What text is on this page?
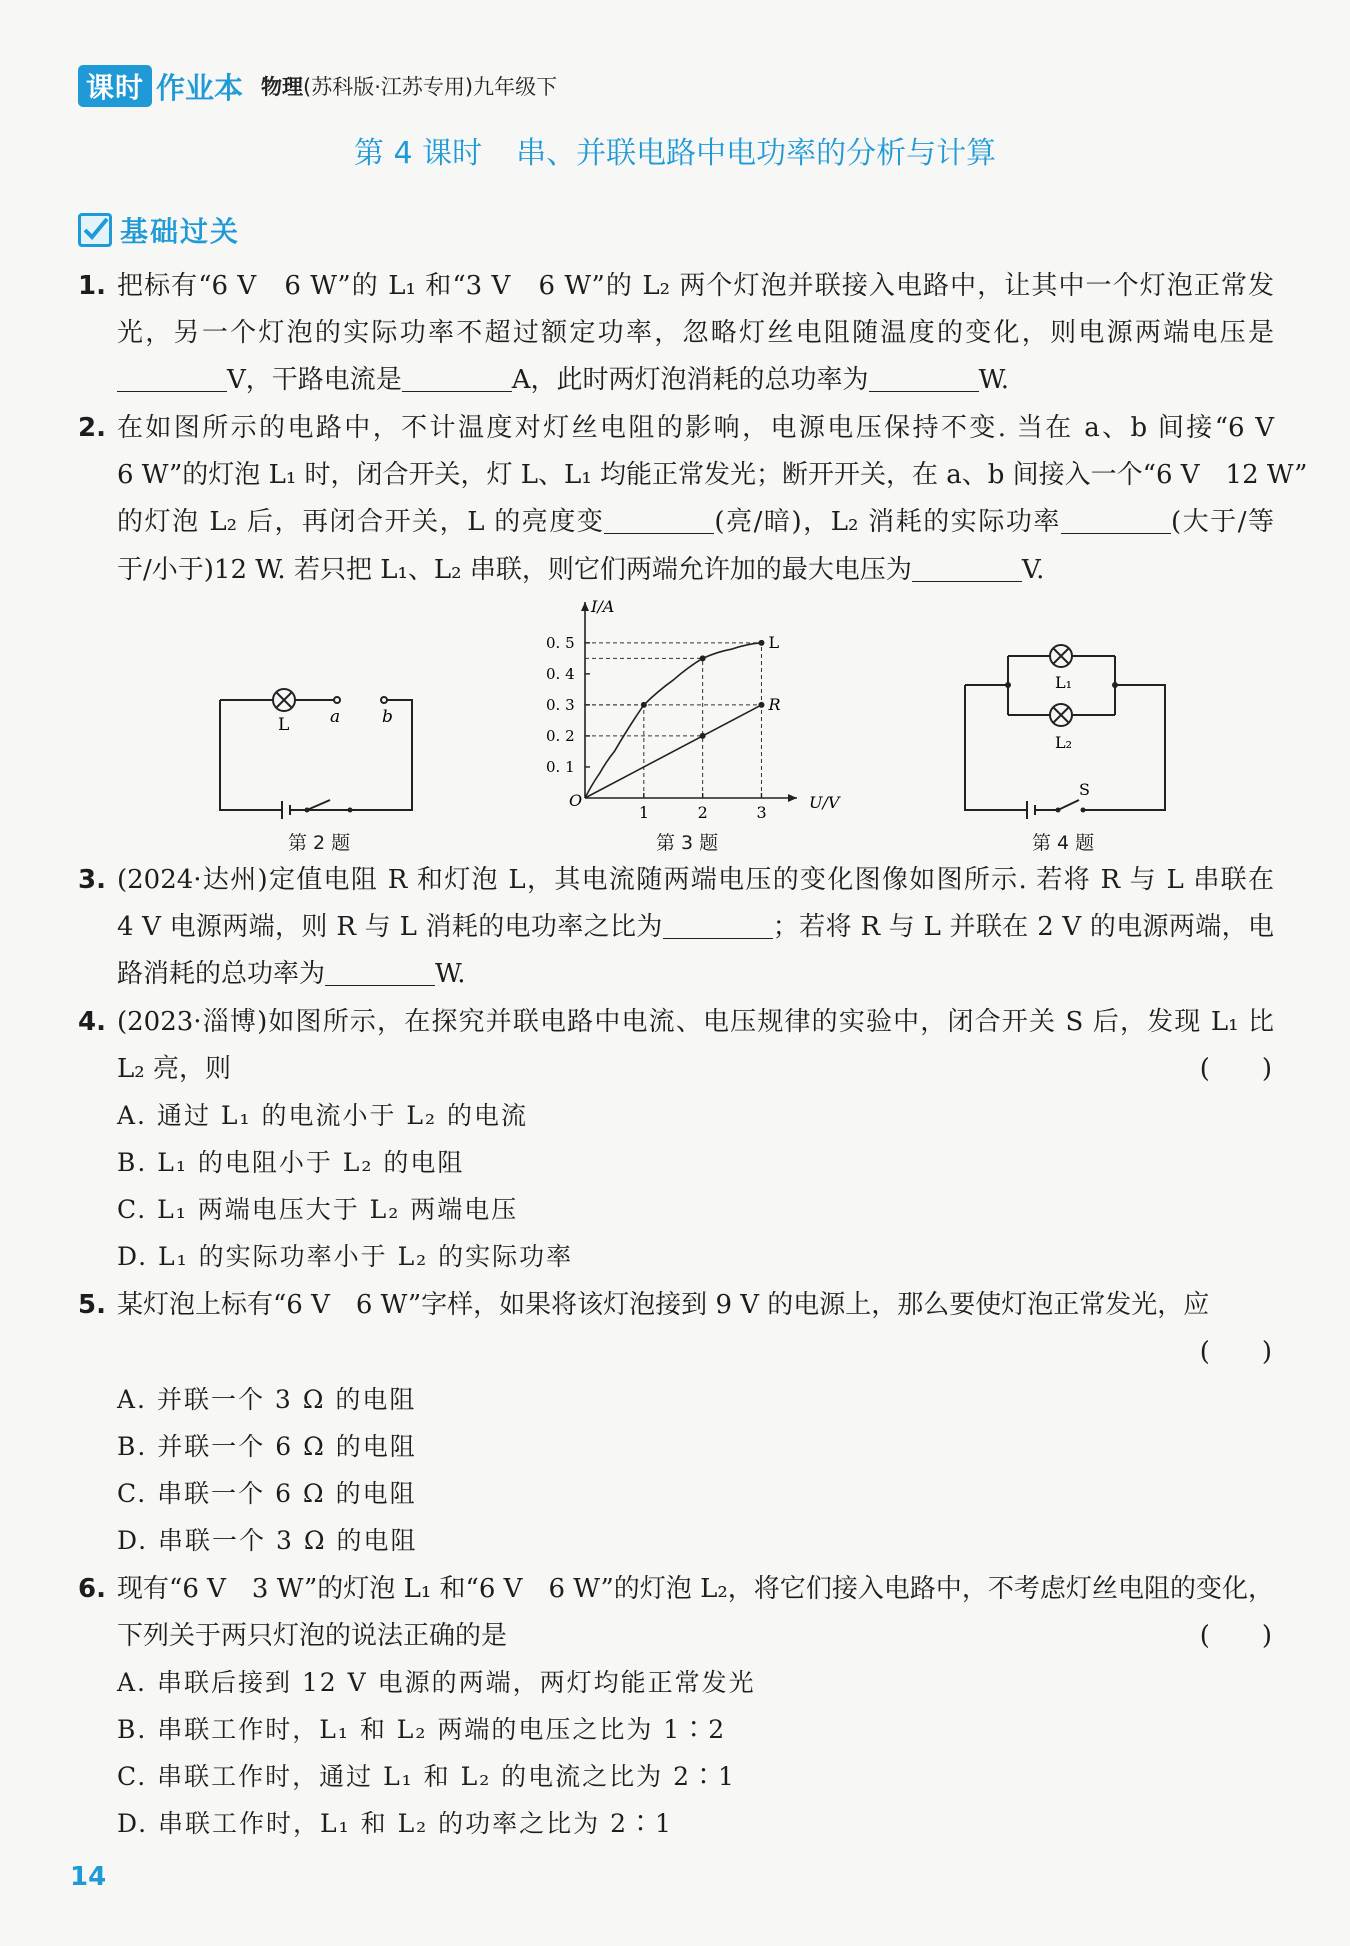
课时 作业本 物理(苏科版·江苏专用)九年级下
第 4 课时 串、并联电路中电功率的分析与计算
基础过关
1. 把标有“6 V　6 W”的 L₁ 和“3 V　6 W”的 L₂ 两个灯泡并联接入电路中，让其中一个灯泡正常发
光，另一个灯泡的实际功率不超过额定功率，忽略灯丝电阻随温度的变化，则电源两端电压是
V，干路电流是	A，此时两灯泡消耗的总功率为	W.
2. 在如图所示的电路中，不计温度对灯丝电阻的影响，电源电压保持不变. 当在 a、b 间接“6 V
6 W”的灯泡 L₁ 时，闭合开关，灯 L、L₁ 均能正常发光；断开开关，在 a、b 间接入一个“6 V　12 W”
的灯泡 L₂ 后，再闭合开关，L 的亮度变	(亮/暗)，L₂ 消耗的实际功率	(大于/等
于/小于)12 W. 若只把 L₁、L₂ 串联，则它们两端允许加的最大电压为	V.
L a b
第 2 题
U/V
I/A
O
1	2	3
0. 1
0. 2
0. 3
0. 4
0. 5	L
R
第 3 题
L₁
L₂
S
第 4 题
3. (2024·达州)定值电阻 R 和灯泡 L，其电流随两端电压的变化图像如图所示. 若将 R 与 L 串联在
4 V 电源两端，则 R 与 L 消耗的电功率之比为	；若将 R 与 L 并联在 2 V 的电源两端，电
路消耗的总功率为	W.
4. (2023·淄博)如图所示，在探究并联电路中电流、电压规律的实验中，闭合开关 S 后，发现 L₁ 比
L₂ 亮，则	(　　)
A. 通过 L₁ 的电流小于 L₂ 的电流
B. L₁ 的电阻小于 L₂ 的电阻
C. L₁ 两端电压大于 L₂ 两端电压
D. L₁ 的实际功率小于 L₂ 的实际功率
5. 某灯泡上标有“6 V　6 W”字样，如果将该灯泡接到 9 V 的电源上，那么要使灯泡正常发光，应
(　　)
A. 并联一个 3 Ω 的电阻
B. 并联一个 6 Ω 的电阻
C. 串联一个 6 Ω 的电阻
D. 串联一个 3 Ω 的电阻
6. 现有“6 V　3 W”的灯泡 L₁ 和“6 V　6 W”的灯泡 L₂，将它们接入电路中，不考虑灯丝电阻的变化，
下列关于两只灯泡的说法正确的是	(　　)
A. 串联后接到 12 V 电源的两端，两灯均能正常发光
B. 串联工作时，L₁ 和 L₂ 两端的电压之比为 1∶2
C. 串联工作时，通过 L₁ 和 L₂ 的电流之比为 2∶1
D. 串联工作时，L₁ 和 L₂ 的功率之比为 2∶1
14
